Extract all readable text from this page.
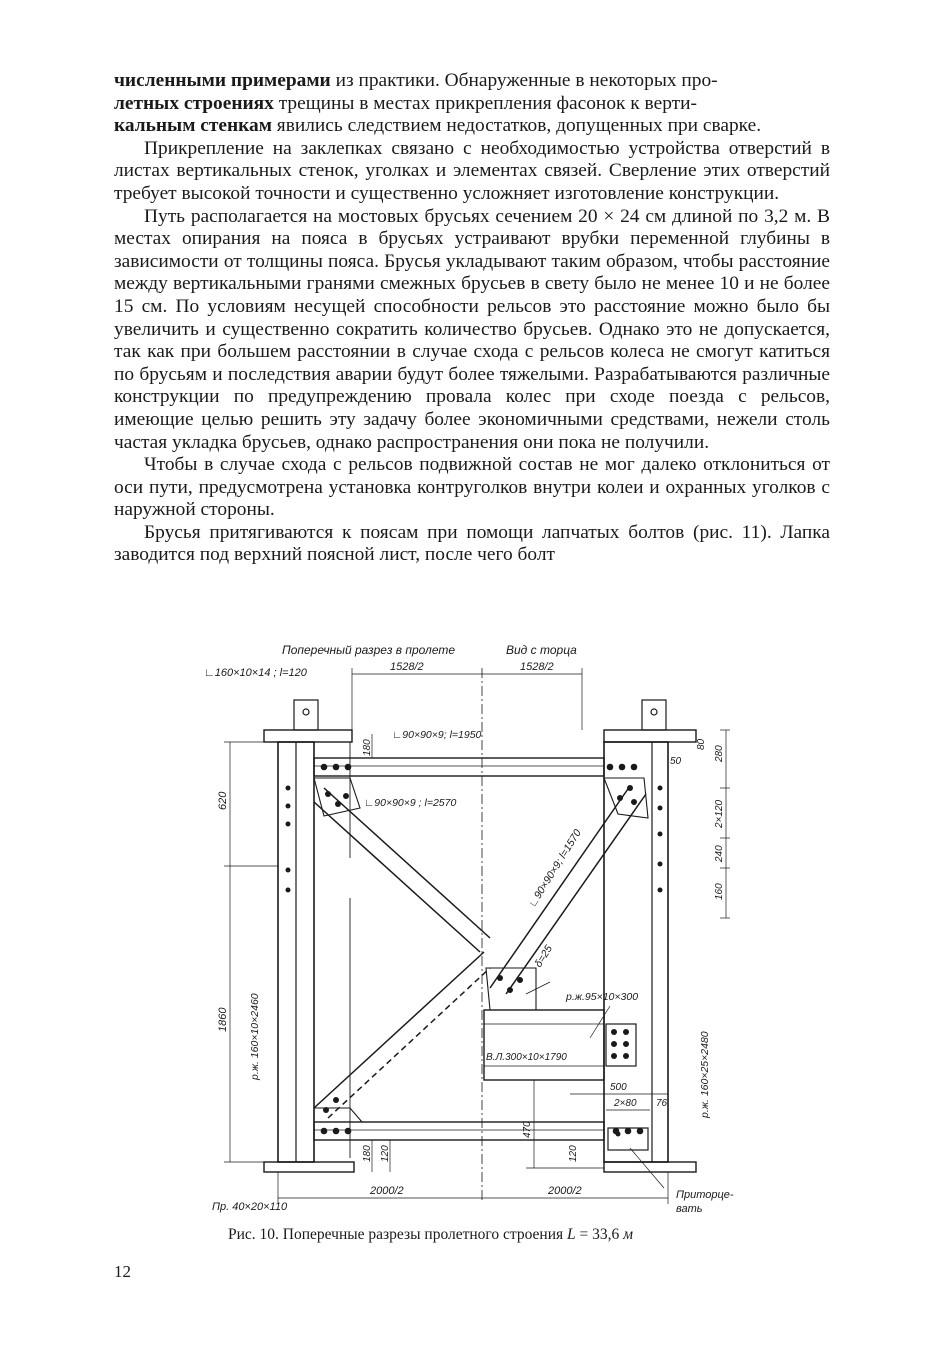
численными примерами из практики. Обнаруженные в некоторых про-
летных строениях трещины в местах прикрепления фасонок к верти-
кальным стенкам явились следствием недостатков, допущенных при сварке.

Прикрепление на заклепках связано с необходимостью устройства отверстий в листах вертикальных стенок, уголках и элементах связей. Сверление этих отверстий требует высокой точности и существенно усложняет изготовление конструкции.

Путь располагается на мостовых брусьях сечением 20 × 24 см длиной по 3,2 м. В местах опирания на пояса в брусьях устраивают врубки переменной глубины в зависимости от толщины пояса. Брусья укладывают таким образом, чтобы расстояние между вертикальными гранями смежных брусьев в свету было не менее 10 и не более 15 см. По условиям несущей способности рельсов это расстояние можно было бы увеличить и существенно сократить количество брусьев. Однако это не допускается, так как при большем расстоянии в случае схода с рельсов колеса не смогут катиться по брусьям и последствия аварии будут более тяжелыми. Разрабатываются различные конструкции по предупреждению провала колес при сходе поезда с рельсов, имеющие целью решить эту задачу более экономичными средствами, нежели столь частая укладка брусьев, однако распространения они пока не получили.

Чтобы в случае схода с рельсов подвижной состав не мог далеко отклониться от оси пути, предусмотрена установка контруголков внутри колеи и охранных уголков с наружной стороны.

Брусья притягиваются к поясам при помощи лапчатых болтов (рис. 11). Лапка заводится под верхний поясной лист, после чего болт

Поперечный разрез в пролете	Вид с торца
1528/2	1528/2
∟160×10×14 ; l=120
∟90×90×9; l=1950
∟90×90×9 ; l=2570
∟90×90×9; l=1570
δ=25
р.ж.95×10×300
В.Л.300×10×1790
р.ж. 160×10×2460	р.ж. 160×25×2480
Пр. 40×20×110
620
1860
180
180 120
80
280
50
2×120
240
160
470
120
500
2×80 76
2000/2	2000/2	Приторце-
вать
Рис. 10. Поперечные разрезы пролетного строения L = 33,6 м
12
